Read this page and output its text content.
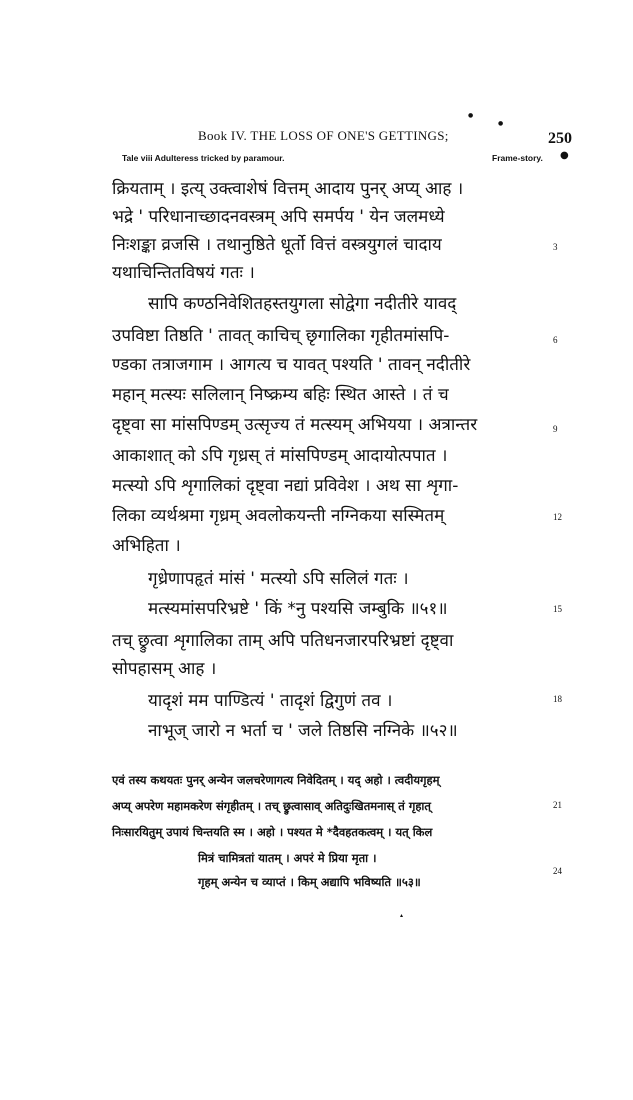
Book IV. THE LOSS OF ONE'S GETTINGS;	250
Tale viii Adulteress tricked by paramour.	Frame-story. ●
●
●
क्रियताम् । इत्य् उक्त्वाशेषं वित्तम् आदाय पुनर् अप्य् आह ।
भद्रे ' परिधानाच्छादनवस्त्रम् अपि समर्पय ' येन जलमध्ये
निःशङ्का व्रजसि । तथानुष्ठिते धूर्तो वित्तं वस्त्रयुगलं चादाय	3
यथाचिन्तितविषयं गतः ।
सापि कण्ठनिवेशितहस्तयुगला सोद्वेगा नदीतीरे यावद्
उपविष्टा तिष्ठति ' तावत् काचिच् छृगालिका गृहीतमांसपि-	6
ण्डका तत्राजगाम । आगत्य च यावत् पश्यति ' तावन् नदीतीरे
महान् मत्स्यः सलिलान् निष्क्रम्य बहिः स्थित आस्ते । तं च
दृष्ट्वा सा मांसपिण्डम् उत्सृज्य तं मत्स्यम् अभियया । अत्रान्तर	9
आकाशात् को ऽपि गृध्रस् तं मांसपिण्डम् आदायोत्पपात ।
मत्स्यो ऽपि शृगालिकां दृष्ट्वा नद्यां प्रविवेश । अथ सा शृगा-
लिका व्यर्थश्रमा गृध्रम् अवलोकयन्ती नग्निकया सस्मितम्	12
अभिहिता ।
गृध्रेणापहृतं मांसं ' मत्स्यो ऽपि सलिलं गतः ।
मत्स्यमांसपरिभ्रष्टे ' किं *नु पश्यसि जम्बुकि ॥५१॥	15
तच् छ्रुत्वा शृगालिका ताम् अपि पतिधनजारपरिभ्रष्टां दृष्ट्वा
सोपहासम् आह ।
यादृशं मम पाण्डित्यं ' तादृशं द्विगुणं तव ।	18
नाभूज् जारो न भर्ता च ' जले तिष्ठसि नग्निके ॥५२॥
एवं तस्य कथयतः पुनर् अन्येन जलचरेणागत्य निवेदितम् । यद् अहो । त्वदीयगृहम्
अप्य् अपरेण महामकरेण संगृहीतम् । तच् छ्रुत्वासाव् अतिदुःखितमनास् तं गृहात्	21
निःसारयितुम् उपायं चिन्तयति स्म । अहो । पश्यत मे *दैवहतकत्वम् । यत् किल
मित्रं चामित्रतां यातम् । अपरं मे प्रिया मृता ।
गृहम् अन्येन च व्याप्तं । किम् अद्यापि भविष्यति ॥५३॥
24
▴
